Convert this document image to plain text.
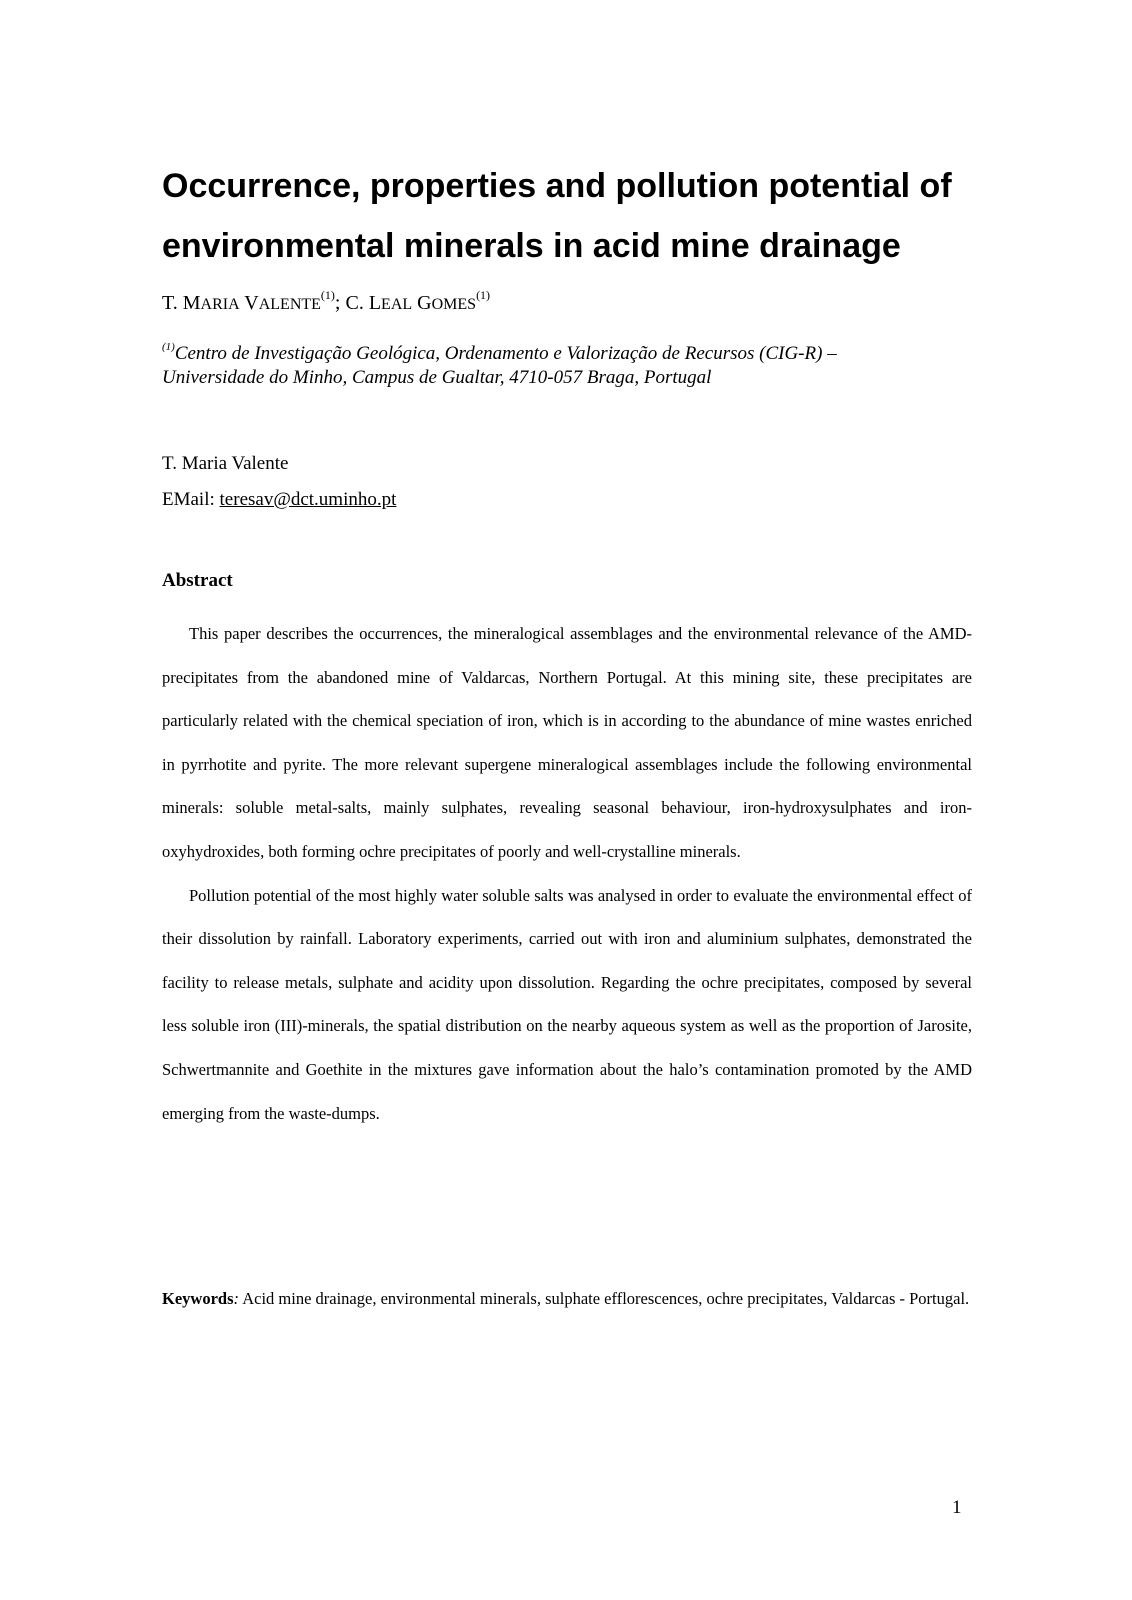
Occurrence, properties and pollution potential of
environmental minerals in acid mine drainage

T. MARIA VALENTE$^{(1)}$; C. LEAL GOMES$^{(1)}$

$^{(1)}$Centro de Investigação Geológica, Ordenamento e Valorização de Recursos (CIG-R) –
Universidade do Minho, Campus de Gualtar, 4710-057 Braga, Portugal

T. Maria Valente
EMail: teresav@dct.uminho.pt

Abstract

This paper describes the occurrences, the mineralogical assemblages and the environmental relevance of the AMD-precipitates from the abandoned mine of Valdarcas, Northern Portugal. At this mining site, these precipitates are particularly related with the chemical speciation of iron, which is in according to the abundance of mine wastes enriched in pyrrhotite and pyrite. The more relevant supergene mineralogical assemblages include the following environmental minerals: soluble metal-salts, mainly sulphates, revealing seasonal behaviour, iron-hydroxysulphates and iron-oxyhydroxides, both forming ochre precipitates of poorly and well-crystalline minerals.

Pollution potential of the most highly water soluble salts was analysed in order to evaluate the environmental effect of their dissolution by rainfall. Laboratory experiments, carried out with iron and aluminium sulphates, demonstrated the facility to release metals, sulphate and acidity upon dissolution. Regarding the ochre precipitates, composed by several less soluble iron (III)-minerals, the spatial distribution on the nearby aqueous system as well as the proportion of Jarosite, Schwertmannite and Goethite in the mixtures gave information about the halo’s contamination promoted by the AMD emerging from the waste-dumps.

Keywords: Acid mine drainage, environmental minerals, sulphate efflorescences, ochre precipitates, Valdarcas - Portugal.

1
